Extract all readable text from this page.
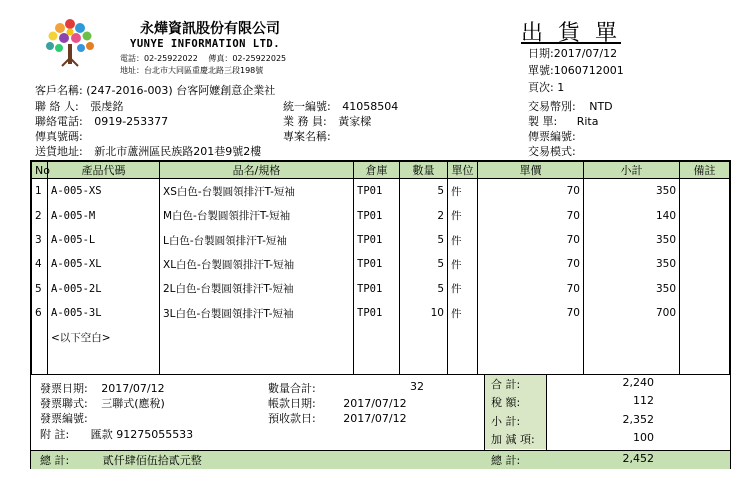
永燁資訊股份有限公司
YUNYE INFORMATION LTD.
電話：02-25922022 傳真：02-25922025
地址：台北市大同區重慶北路三段198號
出 貨 單
日期:2017/07/12
單號:1060712001
頁次: 1
客戶名稱: (247-2016-003) 台客阿嬤創意企業社
聯 絡 人: 張虔銘
聯絡電話: 0919-253377
傳真號碼:
送貨地址: 新北市蘆洲區民族路201巷9號2樓
統一編號: 41058504
業 務 員: 黃家樑
專案名稱:
交易幣別: NTD
製 單: Rita
傳票編號:
交易模式:
No	產品代碼	品名/規格	倉庫	數量	單位	單價	小計	備註
1	A-005-XS	XS白色-台製圓領排汗T-短袖	TP01	5	件	70	350	
2	A-005-M	M白色-台製圓領排汗T-短袖	TP01	2	件	70	140	
3	A-005-L	L白色-台製圓領排汗T-短袖	TP01	5	件	70	350	
4	A-005-XL	XL白色-台製圓領排汗T-短袖	TP01	5	件	70	350	
5	A-005-2L	2L白色-台製圓領排汗T-短袖	TP01	5	件	70	350	
6	A-005-3L	3L白色-台製圓領排汗T-短袖	TP01	10	件	70	700	
	<以下空白>							

發票日期: 2017/07/12
發票聯式: 三聯式(應稅)
發票編號:
附 註: 匯款 91275055533
數量合計:	32
帳款日期:	2017/07/12
預收款日:	2017/07/12
合 計:	2,240
稅 額:	112
小 計:	2,352
加 減 項:	100
總 計:	貳仟肆佰伍拾貳元整	總 計:	2,452
